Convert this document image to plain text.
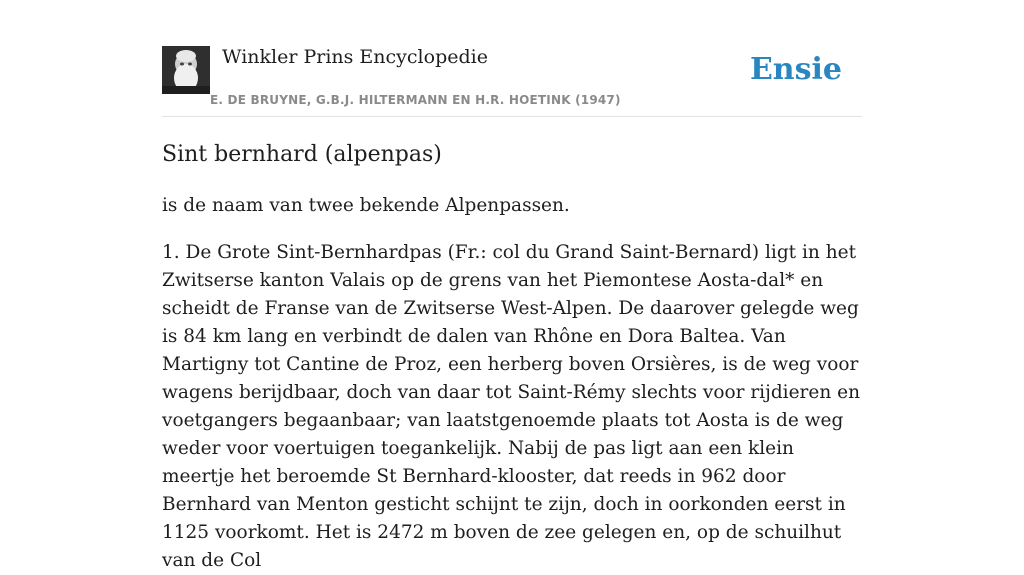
Winkler Prins Encyclopedie
E. DE BRUYNE, G.B.J. HILTERMANN EN H.R. HOETINK (1947)
Ensie
Sint bernhard (alpenpas)

is de naam van twee bekende Alpenpassen.

1. De Grote Sint-Bernhardpas (Fr.: col du Grand Saint-Bernard) ligt in het Zwitserse kanton Valais op de grens van het Piemontese Aosta-dal* en scheidt de Franse van de Zwitserse West-Alpen. De daarover gelegde weg is 84 km lang en verbindt de dalen van Rhône en Dora Baltea. Van Martigny tot Cantine de Proz, een herberg boven Orsières, is de weg voor wagens berijdbaar, doch van daar tot Saint-Rémy slechts voor rijdieren en voetgangers begaanbaar; van laatstgenoemde plaats tot Aosta is de weg weder voor voertuigen toegankelijk. Nabij de pas ligt aan een klein meertje het beroemde St Bernhard-klooster, dat reeds in 962 door Bernhard van Menton gesticht schijnt te zijn, doch in oorkonden eerst in 1125 voorkomt. Het is 2472 m boven de zee gelegen en, op de schuilhut van de Col
